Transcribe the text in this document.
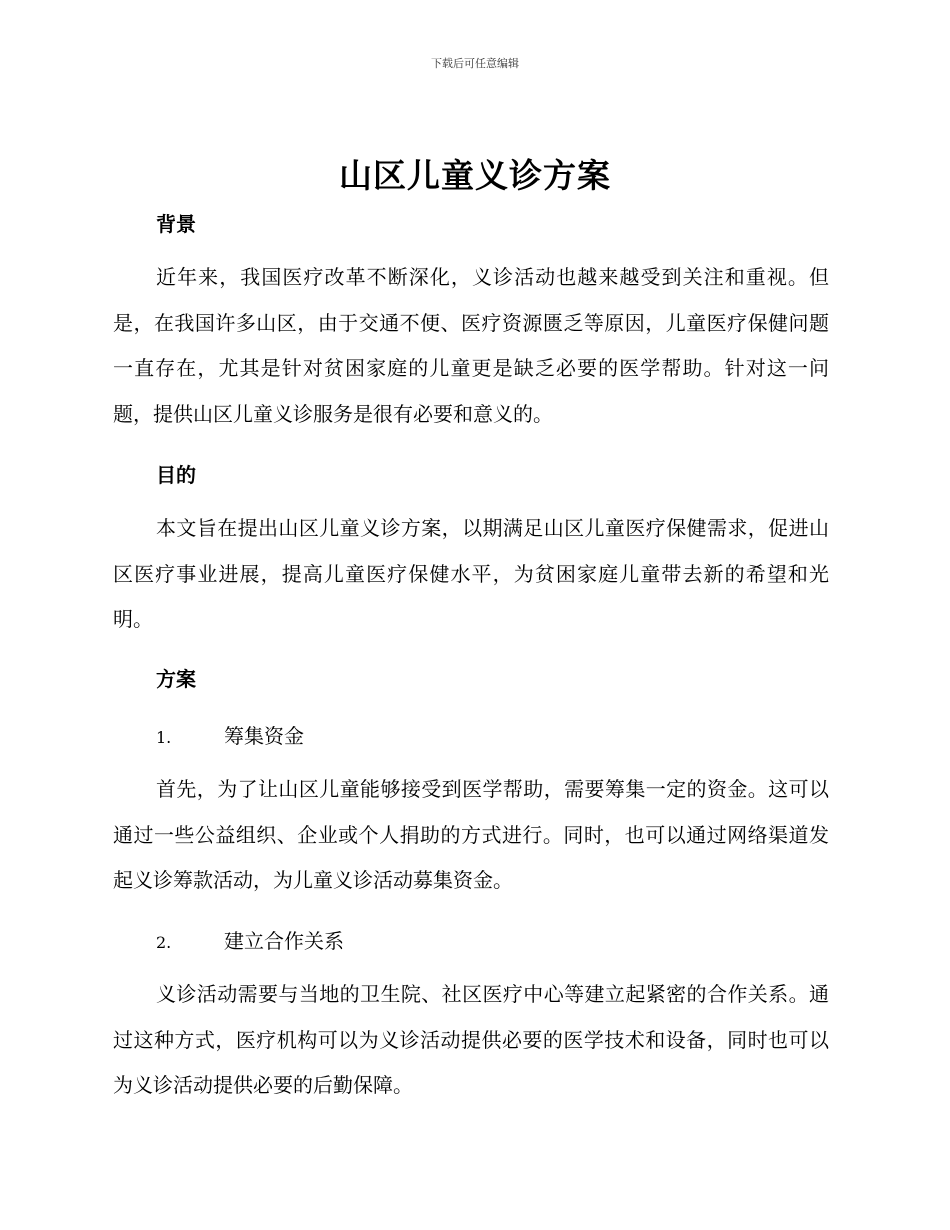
下载后可任意编辑
山区儿童义诊方案
背景

近年来，我国医疗改革不断深化，义诊活动也越来越受到关注和重视。但是，在我国许多山区，由于交通不便、医疗资源匮乏等原因，儿童医疗保健问题一直存在，尤其是针对贫困家庭的儿童更是缺乏必要的医学帮助。针对这一问题，提供山区儿童义诊服务是很有必要和意义的。

目的

本文旨在提出山区儿童义诊方案，以期满足山区儿童医疗保健需求，促进山区医疗事业进展，提高儿童医疗保健水平，为贫困家庭儿童带去新的希望和光明。

方案
1.	筹集资金

首先，为了让山区儿童能够接受到医学帮助，需要筹集一定的资金。这可以通过一些公益组织、企业或个人捐助的方式进行。同时，也可以通过网络渠道发起义诊筹款活动，为儿童义诊活动募集资金。

2.	建立合作关系

义诊活动需要与当地的卫生院、社区医疗中心等建立起紧密的合作关系。通过这种方式，医疗机构可以为义诊活动提供必要的医学技术和设备，同时也可以为义诊活动提供必要的后勤保障。
